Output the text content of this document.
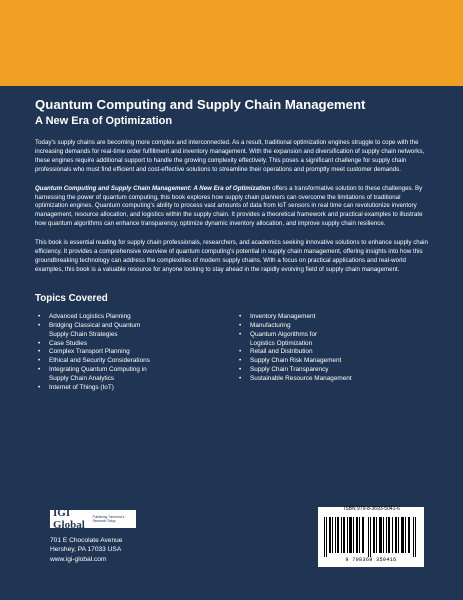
Quantum Computing and Supply Chain Management
A New Era of Optimization

Today's supply chains are becoming more complex and interconnected. As a result, traditional optimization engines struggle to cope with the increasing demands for real-time order fulfillment and inventory management. With the expansion and diversification of supply chain networks, these engines require additional support to handle the growing complexity effectively. This poses a significant challenge for supply chain professionals who must find efficient and cost-effective solutions to streamline their operations and promptly meet customer demands.

Quantum Computing and Supply Chain Management: A New Era of Optimization offers a transformative solution to these challenges. By harnessing the power of quantum computing, this book explores how supply chain planners can overcome the limitations of traditional optimization engines. Quantum computing's ability to process vast amounts of data from IoT sensors in real time can revolutionize inventory management, resource allocation, and logistics within the supply chain. It provides a theoretical framework and practical examples to illustrate how quantum algorithms can enhance transparency, optimize dynamic inventory allocation, and improve supply chain resilience.

This book is essential reading for supply chain professionals, researchers, and academics seeking innovative solutions to enhance supply chain efficiency. It provides a comprehensive overview of quantum computing's potential in supply chain management, offering insights into how this groundbreaking technology can address the complexities of modern supply chains. With a focus on practical applications and real-world examples, this book is a valuable resource for anyone looking to stay ahead in the rapidly evolving field of supply chain management.

Topics Covered
• Advanced Logistics Planning
• Bridging Classical and Quantum
Supply Chain Strategies
• Case Studies
• Complex Transport Planning
• Ethical and Security Considerations
• Integrating Quantum Computing in
Supply Chain Analytics
• Internet of Things (IoT)
• Inventory Management
• Manufacturing
• Quantum Algorithms for
Logistics Optimization
• Retail and Distribution
• Supply Chain Risk Management
• Supply Chain Transparency
• Sustainable Resource Management
IGI Global
Publishing Tomorrow's Research Today
701 E Chocolate Avenue
Hershey, PA 17033 USA
www.igi-global.com	9 798369 350416
ISBN 979-8-3693-5041-6
